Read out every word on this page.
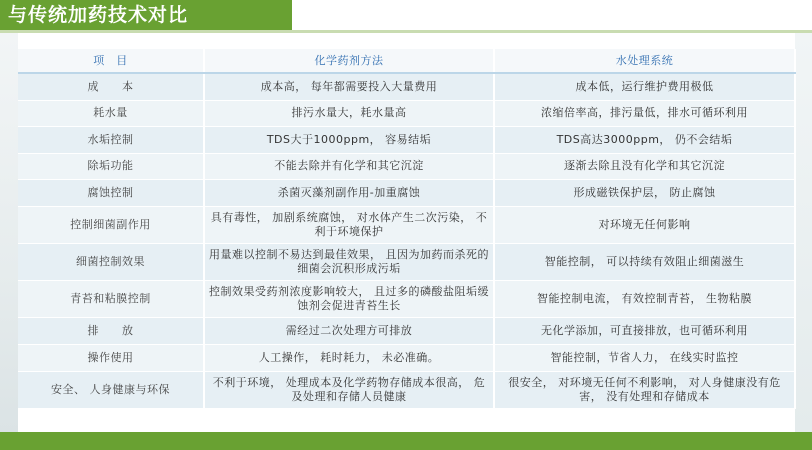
与传统加药技术对比
项　目	化学药剂方法	水处理系统
成　　本	成本高， 每年都需要投入大量费用	成本低，运行维护费用极低
耗水量	排污水量大，耗水量高	浓缩倍率高，排污量低，排水可循环利用
水垢控制	TDS大于1000ppm， 容易结垢	TDS高达3000ppm， 仍不会结垢
除垢功能	不能去除并有化学和其它沉淀	逐渐去除且没有化学和其它沉淀
腐蚀控制	杀菌灭藻剂副作用-加重腐蚀	形成磁铁保护层， 防止腐蚀
控制细菌副作用	具有毒性， 加剧系统腐蚀， 对水体产生二次污染， 不利于环境保护	对环境无任何影响
细菌控制效果	用量难以控制不易达到最佳效果， 且因为加药而杀死的细菌会沉积形成污垢	智能控制， 可以持续有效阻止细菌滋生
青苔和粘膜控制	控制效果受药剂浓度影响较大， 且过多的磷酸盐阻垢缓蚀剂会促进青苔生长	智能控制电流， 有效控制青苔， 生物粘膜
排　　放	需经过二次处理方可排放	无化学添加，可直接排放，也可循环利用
操作使用	人工操作， 耗时耗力， 未必准确。	智能控制，节省人力， 在线实时监控
安全、 人身健康与环保	不利于环境， 处理成本及化学药物存储成本很高， 危及处理和存储人员健康	很安全， 对环境无任何不利影响， 对人身健康没有危害， 没有处理和存储成本
